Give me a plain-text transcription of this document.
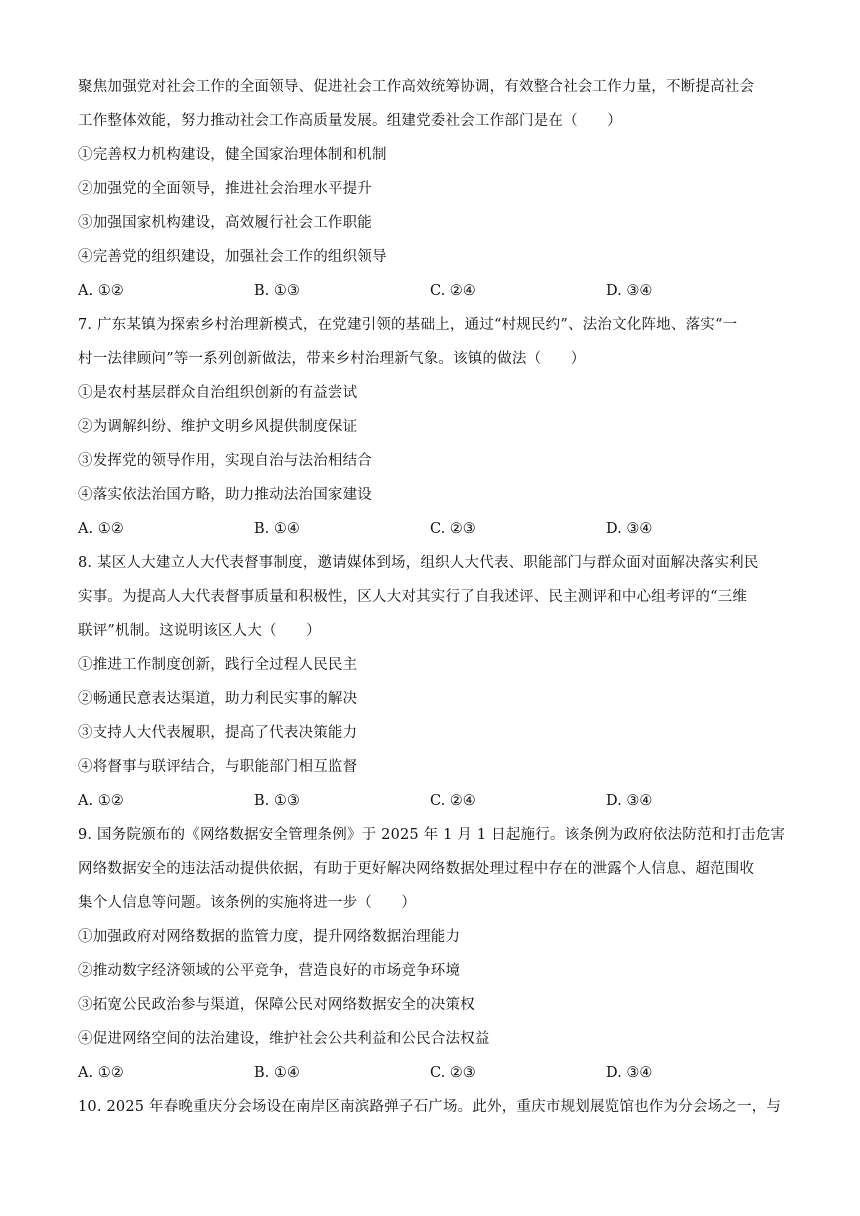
聚焦加强党对社会工作的全面领导、促进社会工作高效统筹协调，有效整合社会工作力量，不断提高社会
工作整体效能，努力推动社会工作高质量发展。组建党委社会工作部门是在（　　）
①完善权力机构建设，健全国家治理体制和机制
②加强党的全面领导，推进社会治理水平提升
③加强国家机构建设，高效履行社会工作职能
④完善党的组织建设，加强社会工作的组织领导
A. ①②	B. ①③	C. ②④	D. ③④
7. 广东某镇为探索乡村治理新模式，在党建引领的基础上，通过“村规民约”、法治文化阵地、落实“一
村一法律顾问”等一系列创新做法，带来乡村治理新气象。该镇的做法（　　）
①是农村基层群众自治组织创新的有益尝试
②为调解纠纷、维护文明乡风提供制度保证
③发挥党的领导作用，实现自治与法治相结合
④落实依法治国方略，助力推动法治国家建设
A. ①②	B. ①④	C. ②③	D. ③④
8. 某区人大建立人大代表督事制度，邀请媒体到场，组织人大代表、职能部门与群众面对面解决落实利民
实事。为提高人大代表督事质量和积极性，区人大对其实行了自我述评、民主测评和中心组考评的“三维
联评”机制。这说明该区人大（　　）
①推进工作制度创新，践行全过程人民民主
②畅通民意表达渠道，助力利民实事的解决
③支持人大代表履职，提高了代表决策能力
④将督事与联评结合，与职能部门相互监督
A. ①②	B. ①③	C. ②④	D. ③④
9. 国务院颁布的《网络数据安全管理条例》于 2025 年 1 月 1 日起施行。该条例为政府依法防范和打击危害
网络数据安全的违法活动提供依据，有助于更好解决网络数据处理过程中存在的泄露个人信息、超范围收
集个人信息等问题。该条例的实施将进一步（　　）
①加强政府对网络数据的监管力度，提升网络数据治理能力
②推动数字经济领域的公平竞争，营造良好的市场竞争环境
③拓宽公民政治参与渠道，保障公民对网络数据安全的决策权
④促进网络空间的法治建设，维护社会公共利益和公民合法权益
A. ①②	B. ①④	C. ②③	D. ③④
10. 2025 年春晚重庆分会场设在南岸区南滨路弹子石广场。此外，重庆市规划展览馆也作为分会场之一，与
